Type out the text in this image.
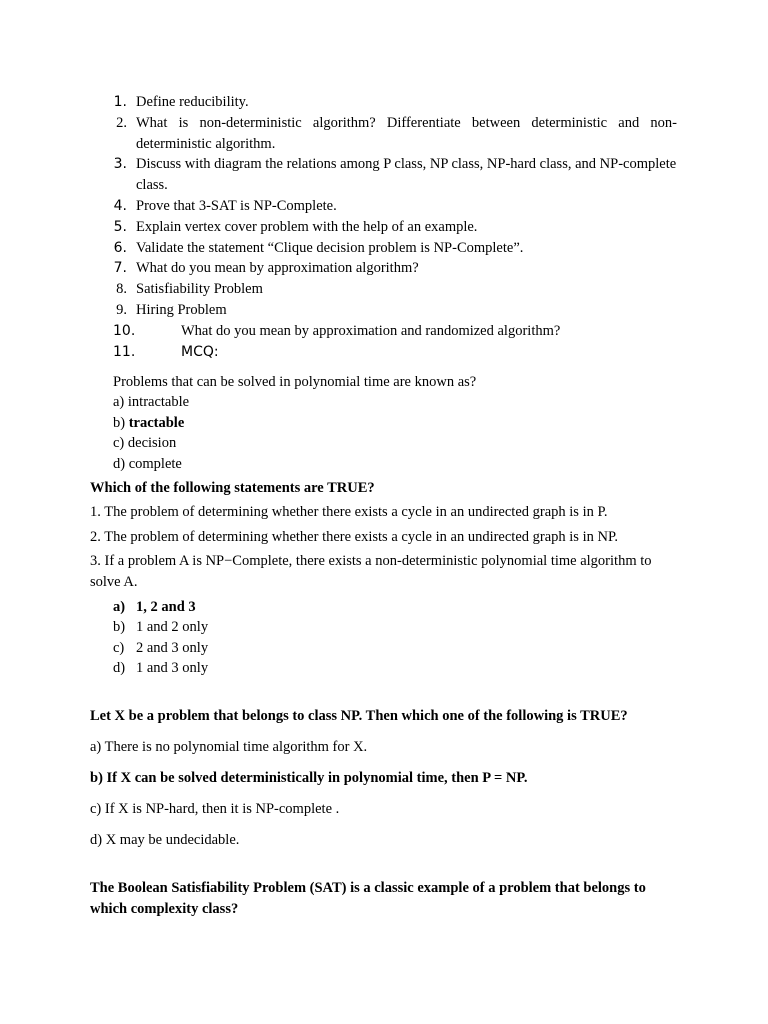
1. Define reducibility.
2. What is non-deterministic algorithm? Differentiate between deterministic and non-deterministic algorithm.
3. Discuss with diagram the relations among P class, NP class, NP-hard class, and NP-complete class.
4. Prove that 3-SAT is NP-Complete.
5. Explain vertex cover problem with the help of an example.
6. Validate the statement “Clique decision problem is NP-Complete”.
7. What do you mean by approximation algorithm?
8. Satisfiability Problem
9. Hiring Problem
10.	What do you mean by approximation and randomized algorithm?
11.	MCQ:
Problems that can be solved in polynomial time are known as?
a) intractable
b) tractable
c) decision
d) complete
Which of the following statements are TRUE?
1. The problem of determining whether there exists a cycle in an undirected graph is in P.
2. The problem of determining whether there exists a cycle in an undirected graph is in NP.
3. If a problem A is NP−Complete, there exists a non-deterministic polynomial time algorithm to solve A.
a) 1, 2 and 3
b) 1 and 2 only
c) 2 and 3 only
d) 1 and 3 only
Let X be a problem that belongs to class NP. Then which one of the following is TRUE?
a) There is no polynomial time algorithm for X.
b) If X can be solved deterministically in polynomial time, then P = NP.
c) If X is NP-hard, then it is NP-complete .
d) X may be undecidable.
The Boolean Satisfiability Problem (SAT) is a classic example of a problem that belongs to which complexity class?
